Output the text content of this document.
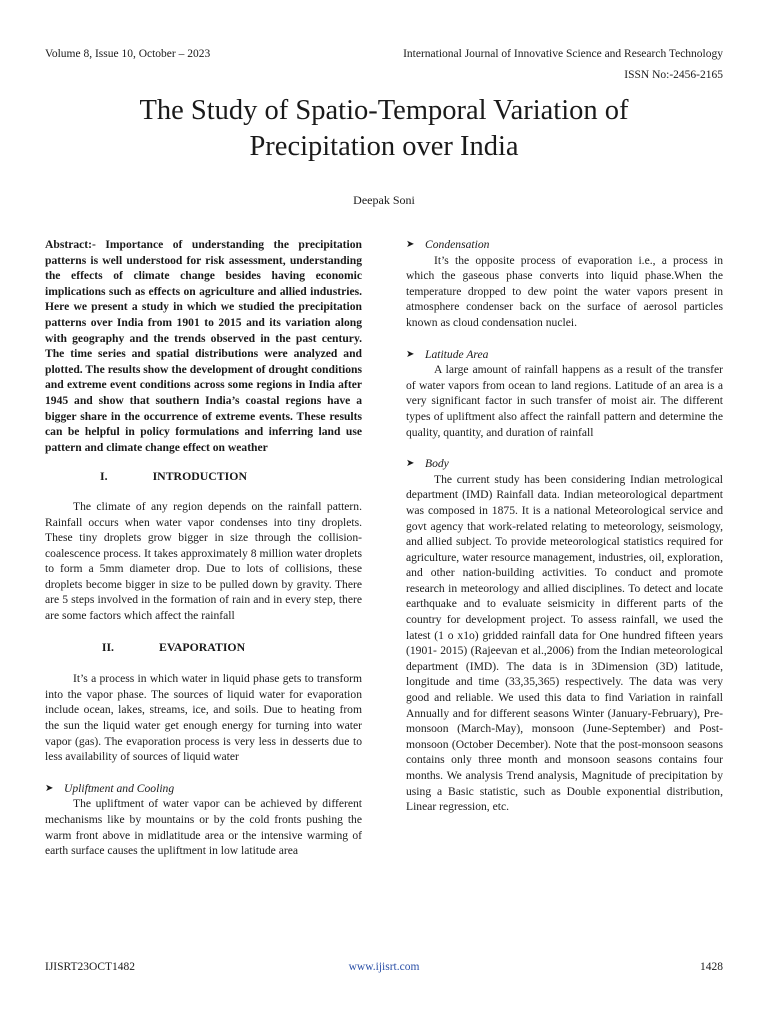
Volume 8, Issue 10, October – 2023	International Journal of Innovative Science and Research Technology
ISSN No:-2456-2165
The Study of Spatio-Temporal Variation of
Precipitation over India
Deepak Soni

Abstract:- Importance of understanding the precipitation patterns is well understood for risk assessment, understanding the effects of climate change besides having economic implications such as effects on agriculture and allied industries. Here we present a study in which we studied the precipitation patterns over India from 1901 to 2015 and its variation along with geography and the trends observed in the past century. The time series and spatial distributions were analyzed and plotted. The results show the development of drought conditions and extreme event conditions across some regions in India after 1945 and show that southern India’s coastal regions have a bigger share in the occurrence of extreme events. These results can be helpful in policy formulations and inferring land use pattern and climate change effect on weather

I.	INTRODUCTION

The climate of any region depends on the rainfall pattern. Rainfall occurs when water vapor condenses into tiny droplets. These tiny droplets grow bigger in size through the collision-coalescence process. It takes approximately 8 million water droplets to form a 5mm diameter drop. Due to lots of collisions, these droplets become bigger in size to be pulled down by gravity. There are 5 steps involved in the formation of rain and in every step, there are some factors which affect the rainfall

II.	EVAPORATION

It’s a process in which water in liquid phase gets to transform into the vapor phase. The sources of liquid water for evaporation include ocean, lakes, streams, ice, and soils. Due to heating from the sun the liquid water get enough energy for turning into water vapor (gas). The evaporation process is very less in desserts due to less availability of sources of liquid water

➤ Upliftment and Cooling

The upliftment of water vapor can be achieved by different mechanisms like by mountains or by the cold fronts pushing the warm front above in midlatitude area or the intensive warming of earth surface causes the upliftment in low latitude area

➤ Condensation

It’s the opposite process of evaporation i.e., a process in which the gaseous phase converts into liquid phase.When the temperature dropped to dew point the water vapors present in atmosphere condenser back on the surface of aerosol particles known as cloud condensation nuclei.

➤ Latitude Area

A large amount of rainfall happens as a result of the transfer of water vapors from ocean to land regions. Latitude of an area is a very significant factor in such transfer of moist air. The different types of upliftment also affect the rainfall pattern and determine the quality, quantity, and duration of rainfall

➤ Body

The current study has been considering Indian metrological department (IMD) Rainfall data. Indian meteorological department was composed in 1875. It is a national Meteorological service and govt agency that work-related relating to meteorology, seismology, and allied subject. To provide meteorological statistics required for agriculture, water resource management, industries, oil, exploration, and other nation-building activities. To conduct and promote research in meteorology and allied disciplines. To detect and locate earthquake and to evaluate seismicity in different parts of the country for development project. To assess rainfall, we used the latest (1 o x1o) gridded rainfall data for One hundred fifteen years (1901- 2015) (Rajeevan et al.,2006) from the Indian meteorological department (IMD). The data is in 3Dimension (3D) latitude, longitude and time (33,35,365) respectively. The data was very good and reliable. We used this data to find Variation in rainfall Annually and for different seasons Winter (January-February), Pre-monsoon (March-May), monsoon (June-September) and Post-monsoon (October December). Note that the post-monsoon seasons contains only three month and monsoon seasons contains four months. We analysis Trend analysis, Magnitude of precipitation by using a Basic statistic, such as Double exponential distribution, Linear regression, etc.

IJISRT23OCT1482	www.ijisrt.com	1428
